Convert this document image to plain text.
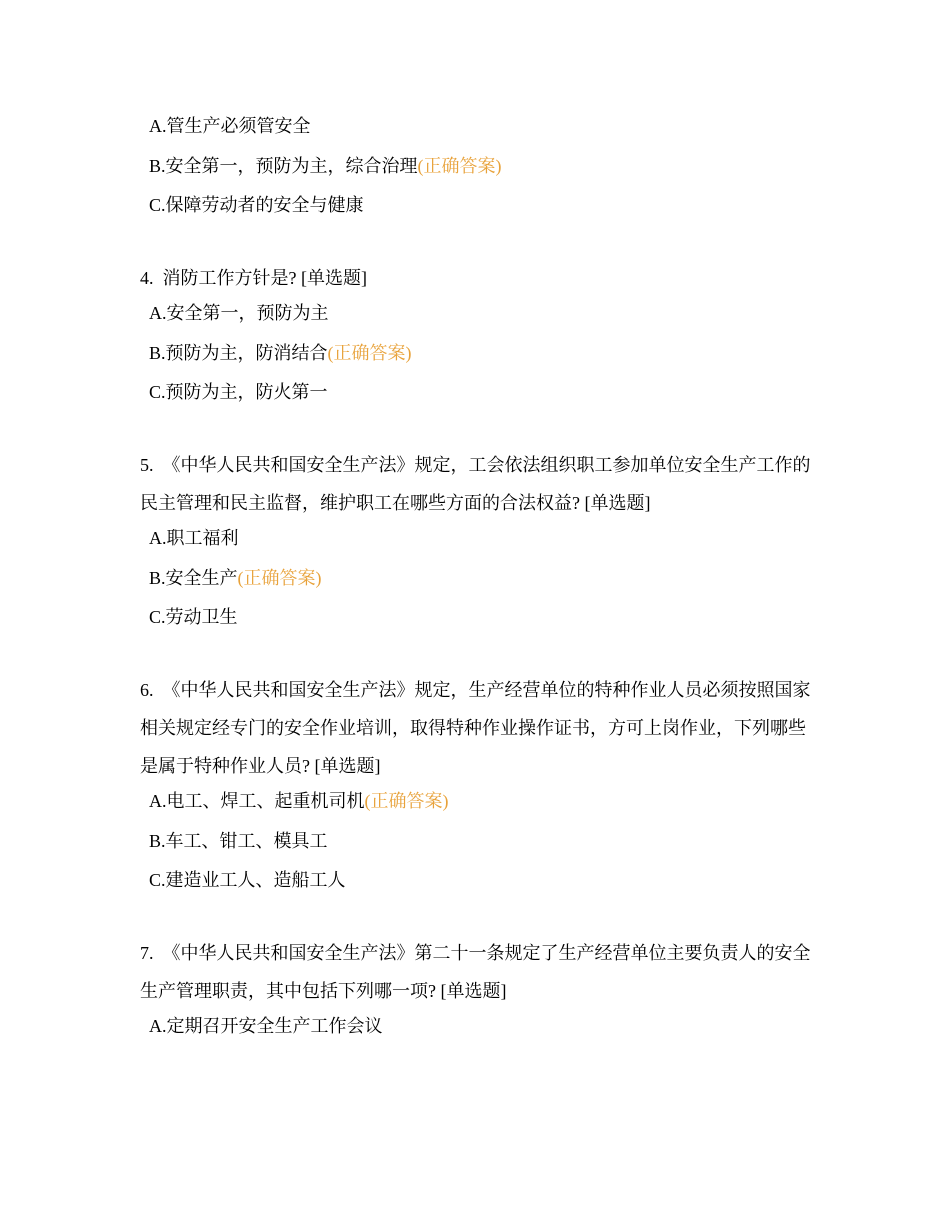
A.管生产必须管安全
B.安全第一，预防为主，综合治理(正确答案)
C.保障劳动者的安全与健康
4. 消防工作方针是? [单选题]
A.安全第一，预防为主
B.预防为主，防消结合(正确答案)
C.预防为主，防火第一
5. 《中华人民共和国安全生产法》规定，工会依法组织职工参加单位安全生产工作的民主管理和民主监督，维护职工在哪些方面的合法权益? [单选题]
A.职工福利
B.安全生产(正确答案)
C.劳动卫生
6. 《中华人民共和国安全生产法》规定，生产经营单位的特种作业人员必须按照国家相关规定经专门的安全作业培训，取得特种作业操作证书，方可上岗作业，下列哪些是属于特种作业人员? [单选题]
A.电工、焊工、起重机司机(正确答案)
B.车工、钳工、模具工
C.建造业工人、造船工人
7. 《中华人民共和国安全生产法》第二十一条规定了生产经营单位主要负责人的安全生产管理职责，其中包括下列哪一项? [单选题]
A.定期召开安全生产工作会议
